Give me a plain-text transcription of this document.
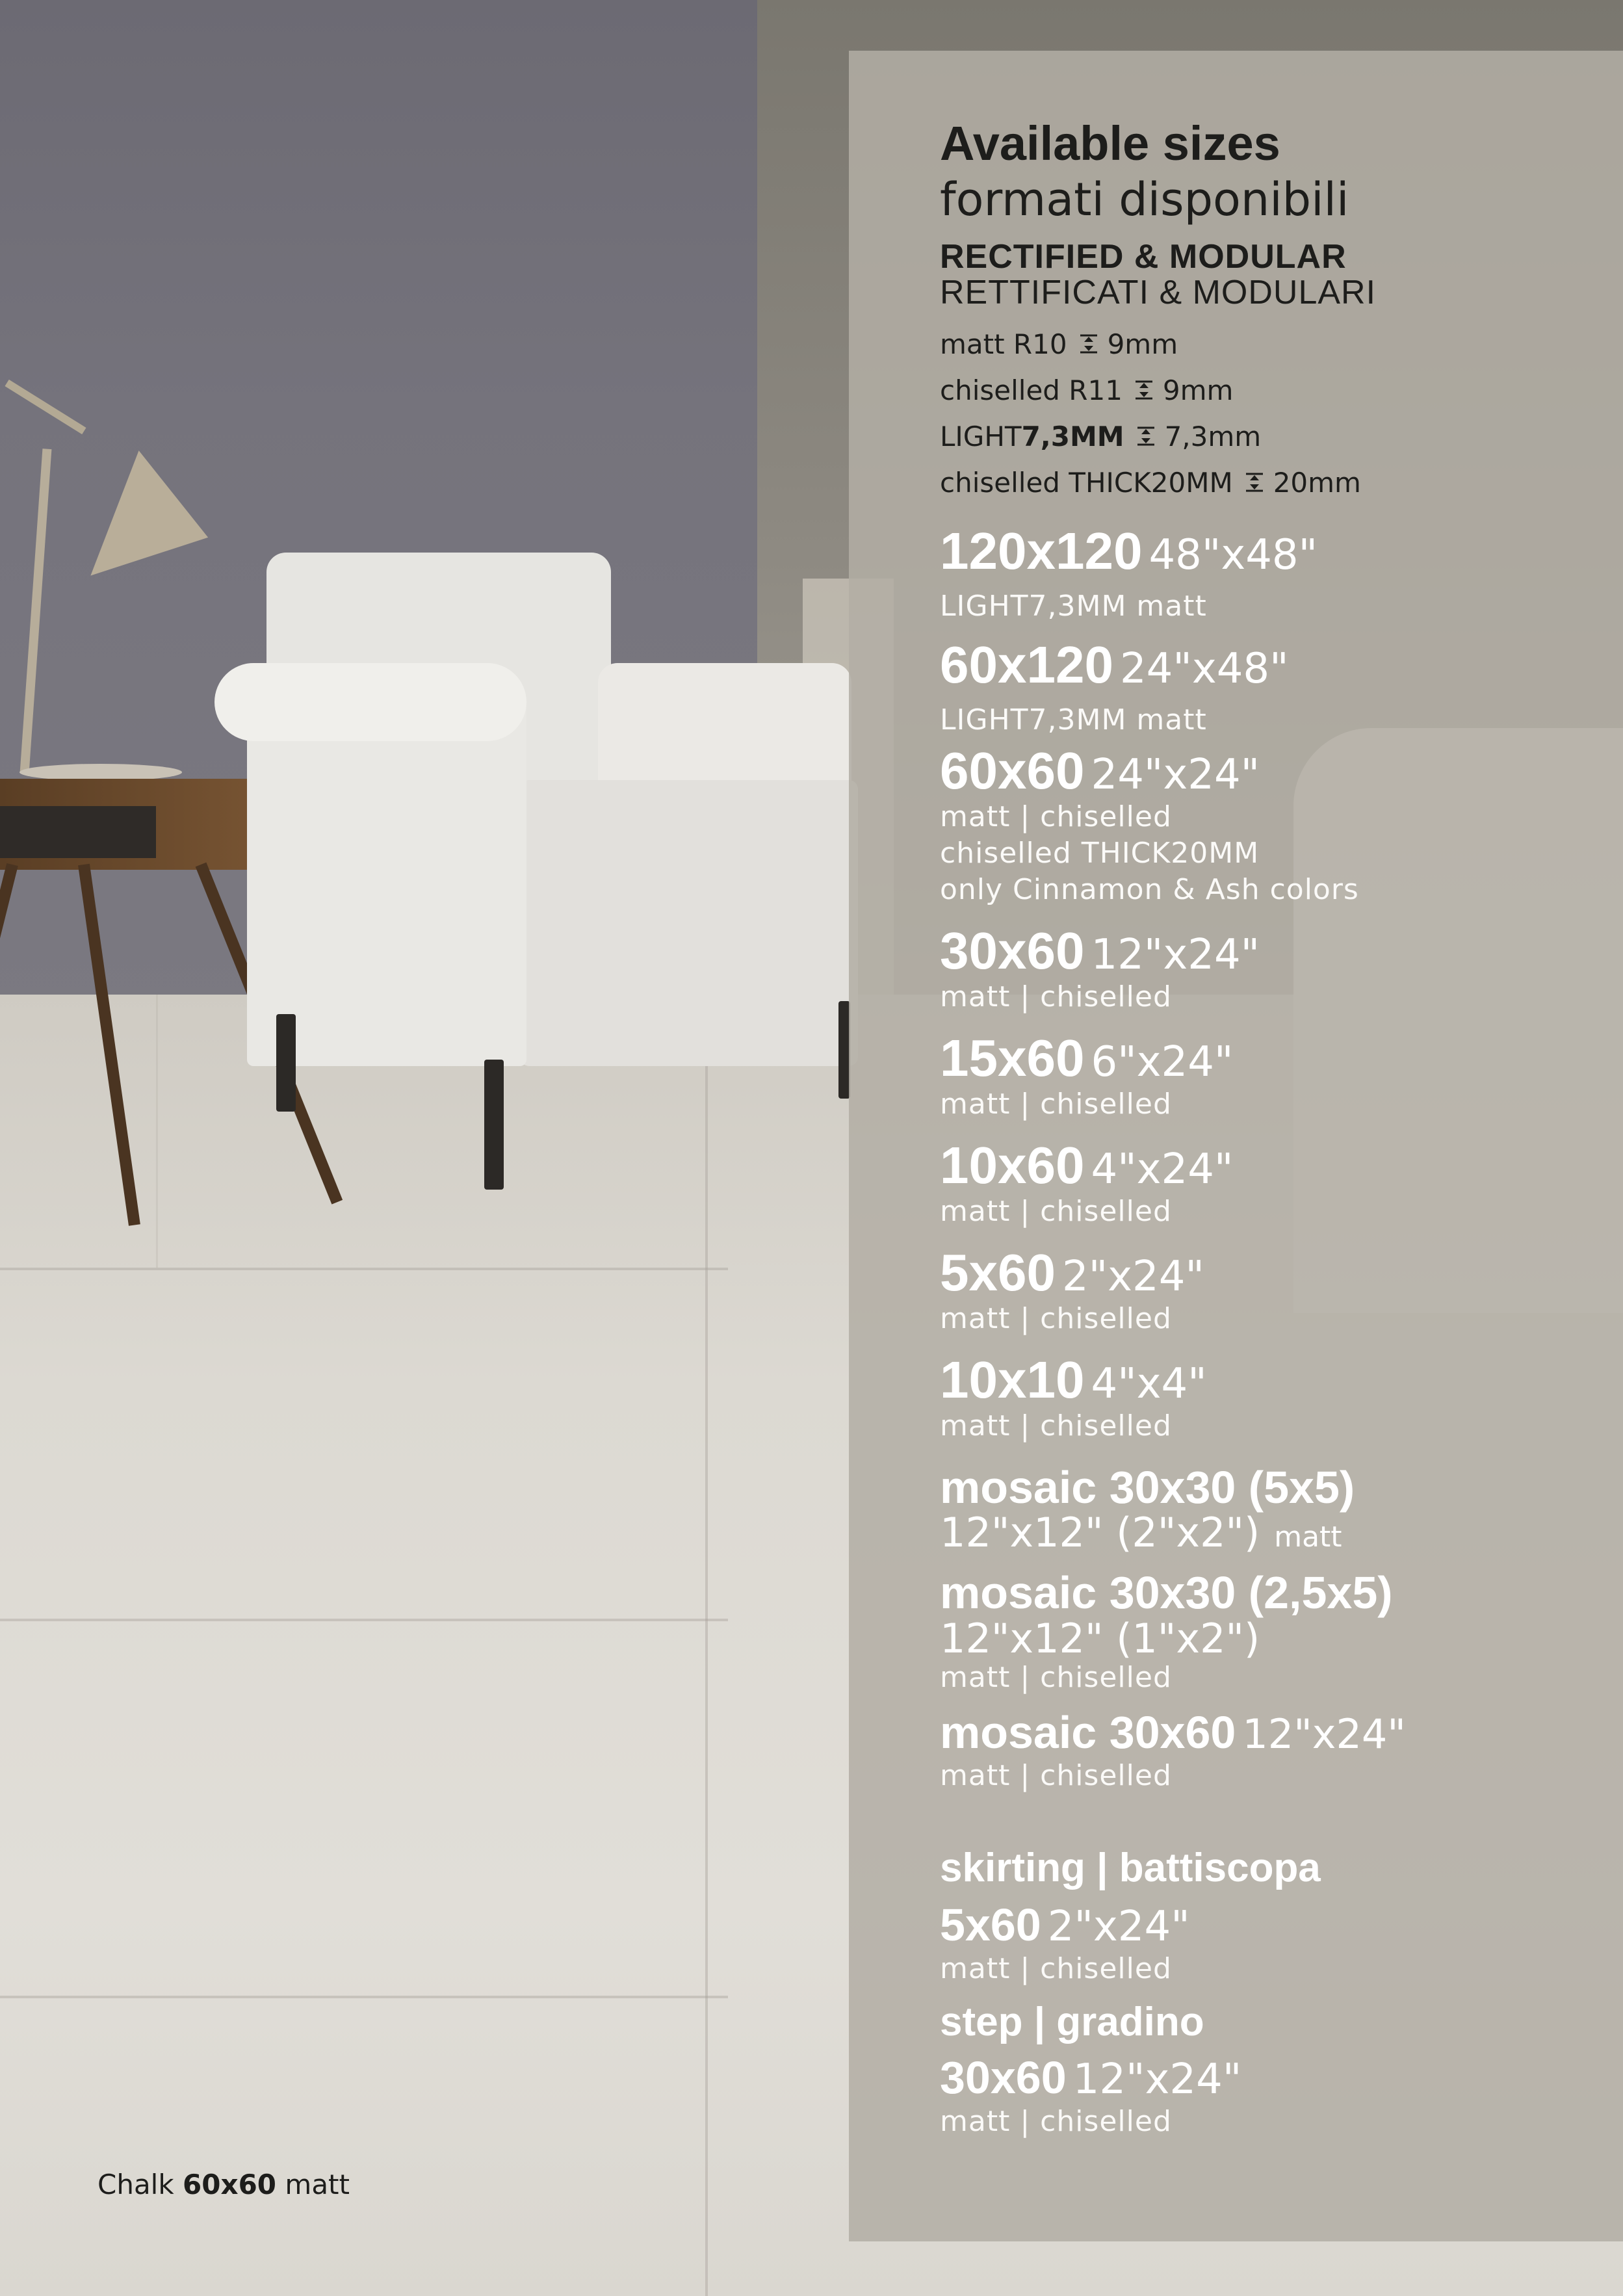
Available sizes
formati disponibili
RECTIFIED & MODULAR
RETTIFICATI & MODULARI
matt R10 9mm
chiselled R11 9mm
LIGHT 7,3MM 7,3mm
chiselled THICK20MM 20mm
120x120 48"x48"
LIGHT7,3MM matt
60x120 24"x48"
LIGHT7,3MM matt
60x60 24"x24"
matt | chiselled
chiselled THICK20MM
only Cinnamon & Ash colors
30x60 12"x24"
matt | chiselled
15x60 6"x24"
matt | chiselled
10x60 4"x24"
matt | chiselled
5x60 2"x24"
matt | chiselled
10x10 4"x4"
matt | chiselled
mosaic 30x30 (5x5)
12"x12" (2"x2") matt
mosaic 30x30 (2,5x5)
12"x12" (1"x2")
matt | chiselled
mosaic 30x60 12"x24"
matt | chiselled
skirting | battiscopa
5x60 2"x24"
matt | chiselled
step | gradino
30x60 12"x24"
matt | chiselled
Chalk 60x60 matt
